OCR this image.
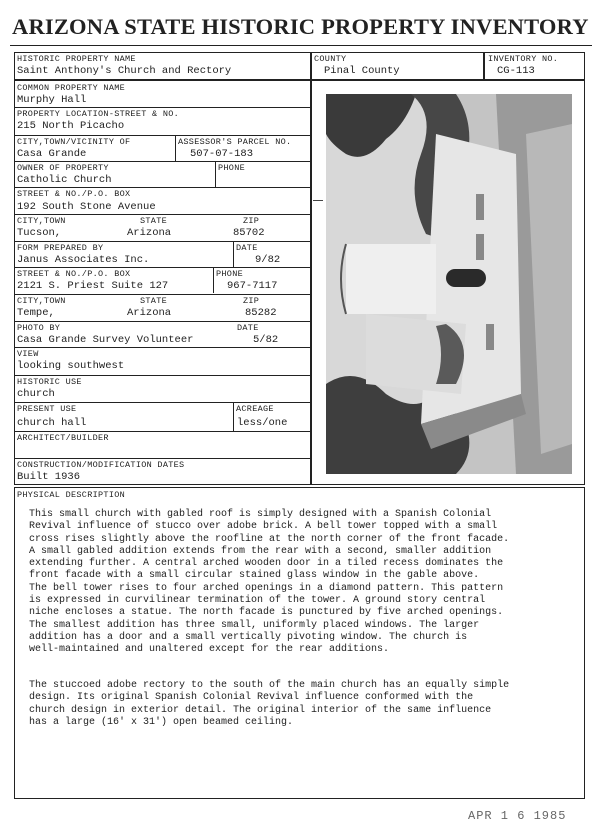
ARIZONA STATE HISTORIC PROPERTY INVENTORY
HISTORIC PROPERTY NAME
Saint Anthony's Church and Rectory
COUNTY
Pinal County
INVENTORY NO.
CG-113
COMMON PROPERTY NAME
Murphy Hall
PROPERTY LOCATION-STREET & NO.
215 North Picacho
CITY,TOWN/VICINITY OF
Casa Grande
ASSESSOR'S PARCEL NO.
507-07-183
OWNER OF PROPERTY
Catholic Church
PHONE
STREET & NO./P.O. BOX
192 South Stone Avenue
CITY,TOWN
Tucson,
STATE
Arizona
ZIP
85702
FORM PREPARED BY
Janus Associates Inc.
DATE
9/82
STREET & NO./P.O. BOX
2121 S. Priest Suite 127
PHONE
967-7117
CITY,TOWN
Tempe,
STATE
Arizona
ZIP
85282
PHOTO BY
Casa Grande Survey Volunteer
DATE
5/82
VIEW
looking southwest
HISTORIC USE
church
PRESENT USE
church hall
ACREAGE
less/one
ARCHITECT/BUILDER
CONSTRUCTION/MODIFICATION DATES
Built 1936
PHYSICAL DESCRIPTION
This small church with gabled roof is simply designed with a Spanish Colonial
Revival influence of stucco over adobe brick. A bell tower topped with a small
cross rises slightly above the roofline at the north corner of the front facade.
A small gabled addition extends from the rear with a second, smaller addition
extending further. A central arched wooden door in a tiled recess dominates the
front facade with a small circular stained glass window in the gable above.
The bell tower rises to four arched openings in a diamond pattern. This pattern
is expressed in curvilinear termination of the tower. A ground story central
niche encloses a statue. The north facade is punctured by five arched openings.
The smallest addition has three small, uniformly placed windows. The larger
addition has a door and a small vertically pivoting window. The church is
well-maintained and unaltered except for the rear additions.
The stuccoed adobe rectory to the south of the main church has an equally simple
design. Its original Spanish Colonial Revival influence conformed with the
church design in exterior detail. The original interior of the same influence
has a large (16' x 31') open beamed ceiling.
APR 1 6 1985
